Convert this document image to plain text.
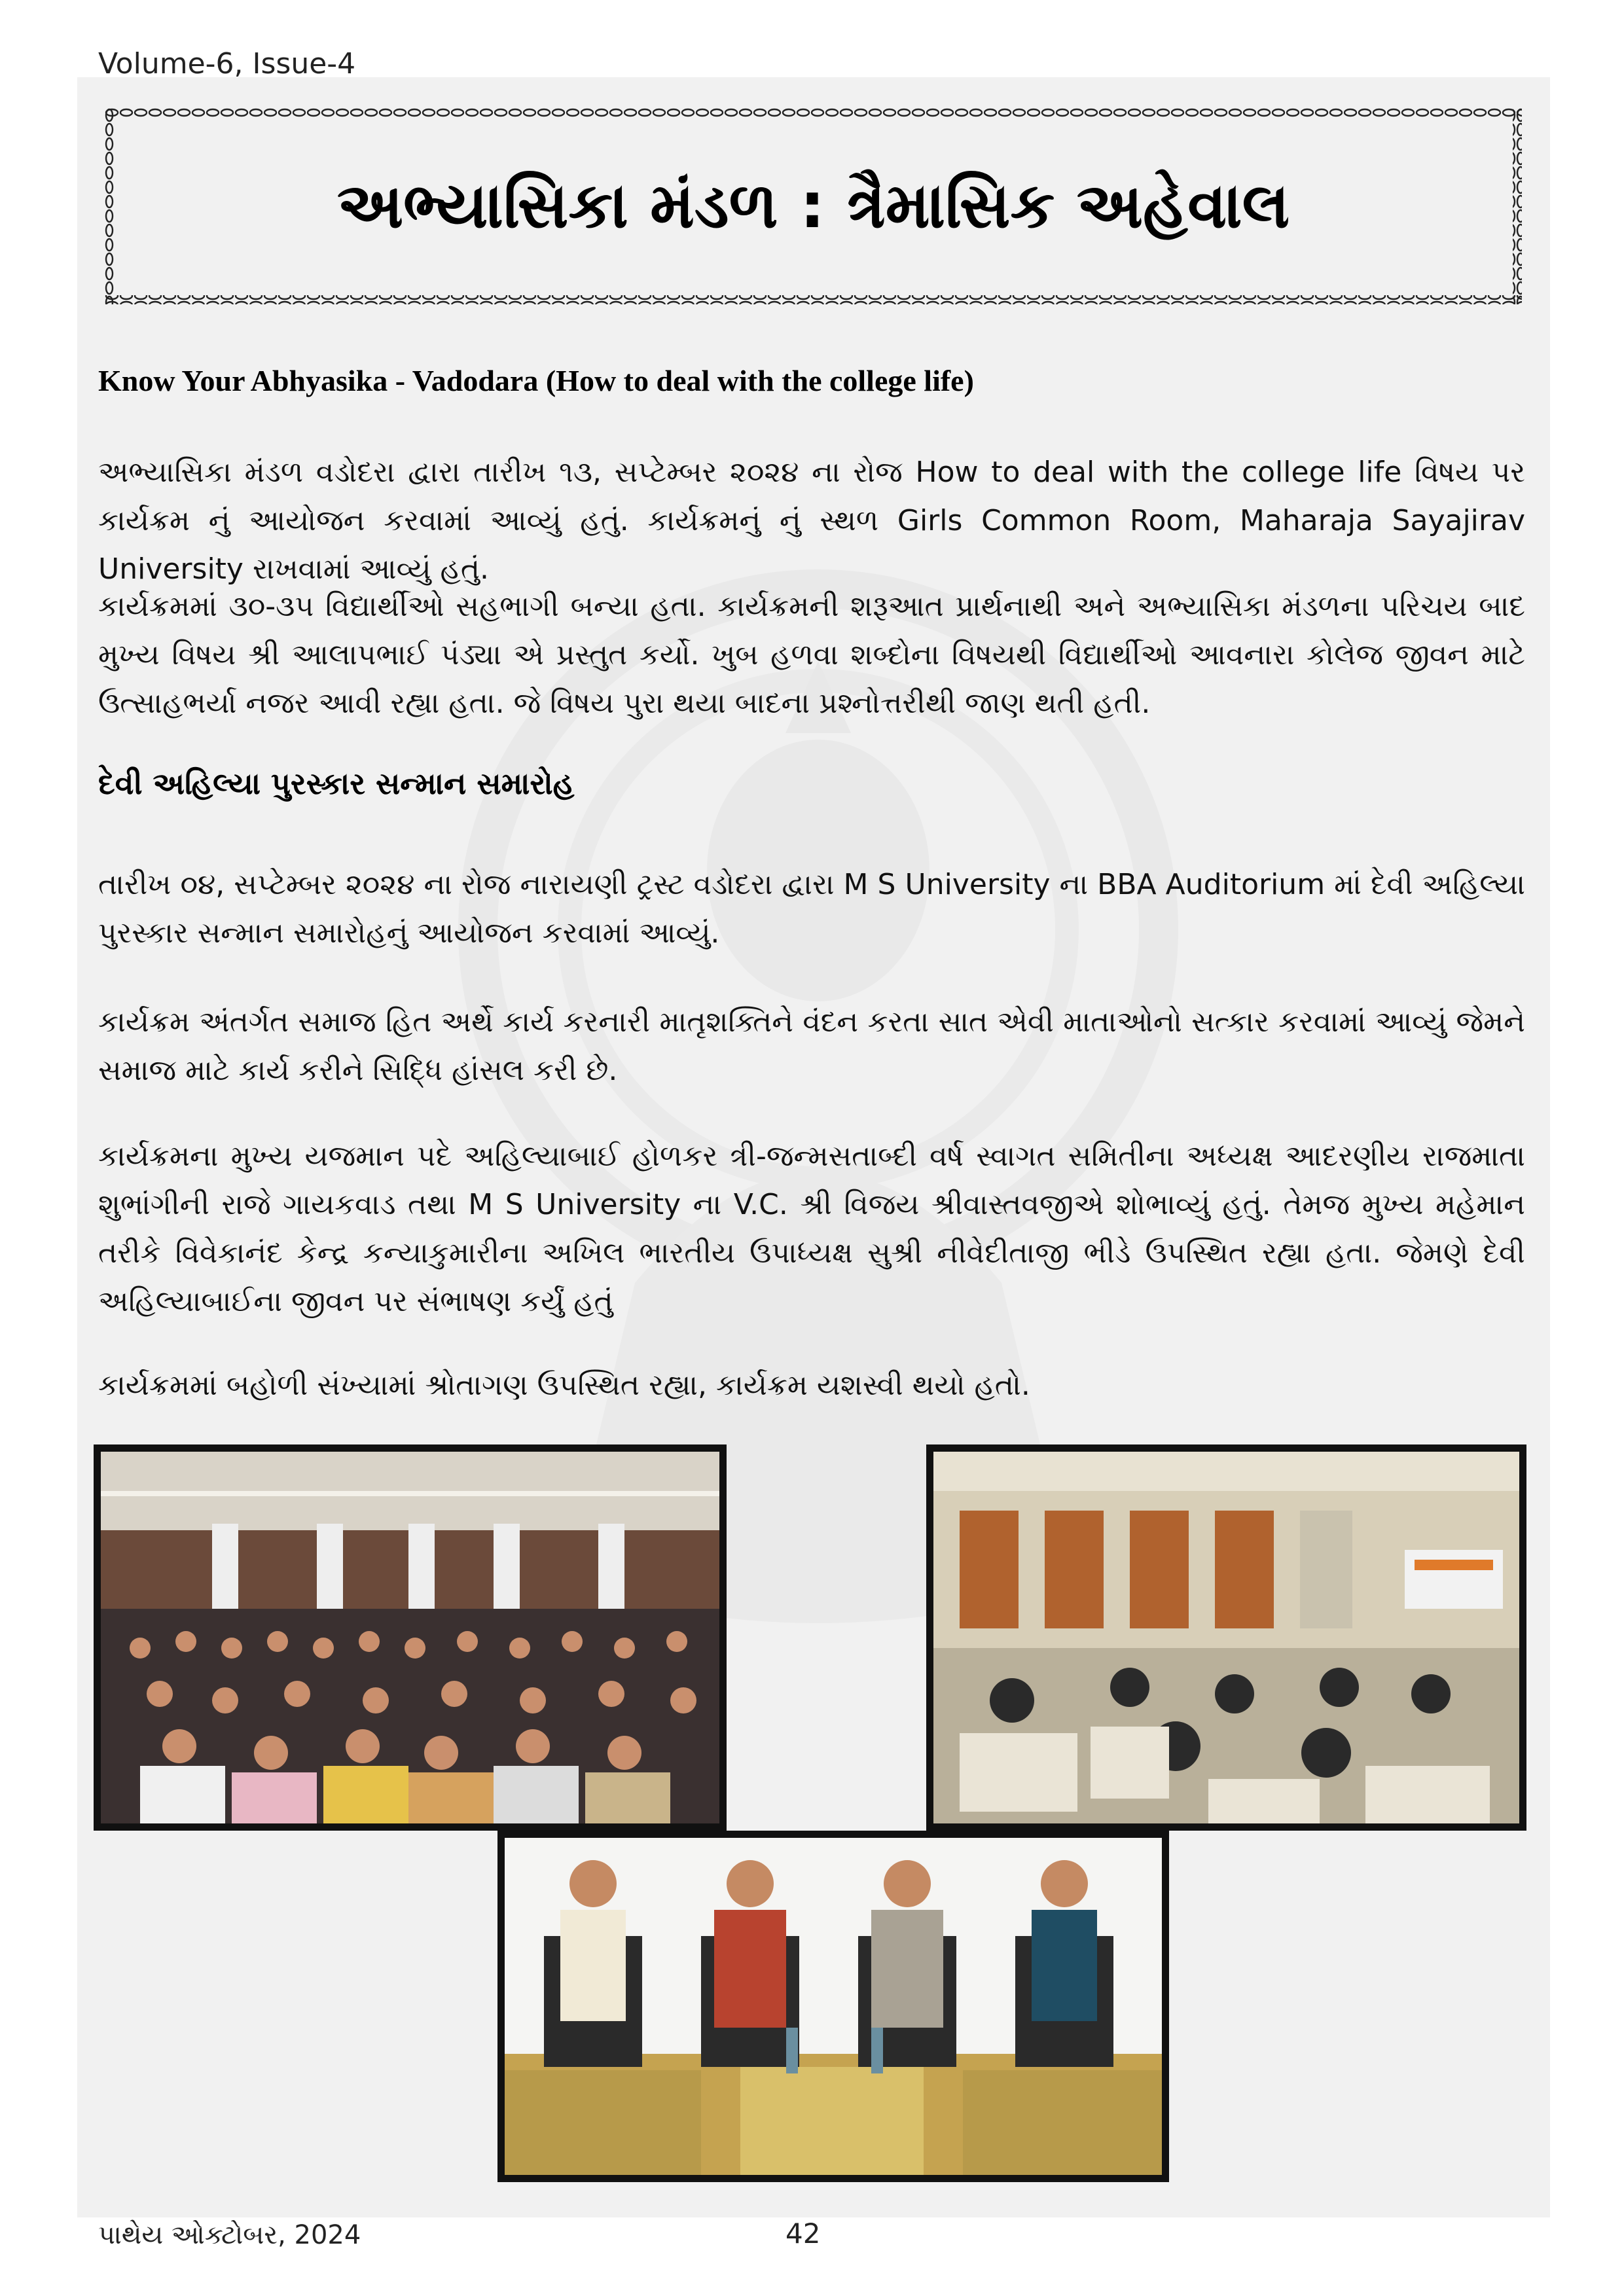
Volume-6, Issue-4
અભ્યાસિકા મંડળ : ત્રૈમાસિક અહેવાલ
Know Your Abhyasika - Vadodara (How to deal with the college life)
અભ્યાસિકા મંડળ વડોદરા દ્વારા તારીખ ૧૩, સપ્ટેમ્બર ૨૦૨૪ ના રોજ How to deal with the college life વિષય પર કાર્યક્રમ નું આયોજન કરવામાં આવ્યું હતું. કાર્યક્રમનું નું સ્થળ Girls Common Room, Maharaja Sayajirav University રાખવામાં આવ્યું હતું.
કાર્યક્રમમાં ૩૦-૩૫ વિદ્યાર્થીઓ સહભાગી બન્યા હતા. કાર્યક્રમની શરૂઆત પ્રાર્થનાથી અને અભ્યાસિકા મંડળના પરિચય બાદ મુખ્ય વિષય શ્રી આલાપભાઈ પંડ્યા એ પ્રસ્તુત કર્યો. ખુબ હળવા શબ્દોના વિષયથી વિદ્યાર્થીઓ આવનારા કોલેજ જીવન માટે ઉત્સાહભર્યા નજર આવી રહ્યા હતા. જે વિષય પુરા થયા બાદના પ્રશ્નોત્તરીથી જાણ થતી હતી.
દેવી અહિલ્યા પુરસ્કાર સન્માન સમારોહ
તારીખ ૦૪, સપ્ટેમ્બર ૨૦૨૪ ના રોજ નારાયણી ટ્રસ્ટ વડોદરા દ્વારા M S University ના BBA Auditorium માં દેવી અહિલ્યા પુરસ્કાર સન્માન સમારોહનું આયોજન કરવામાં આવ્યું.
કાર્યક્રમ અંતર્ગત સમાજ હિત અર્થે કાર્ય કરનારી માતૃશક્તિને વંદન કરતા સાત એવી માતાઓનો સત્કાર કરવામાં આવ્યું જેમને સમાજ માટે કાર્ય કરીને સિદ્ધિ હાંસલ કરી છે.
કાર્યક્રમના મુખ્ય યજમાન પદે અહિલ્યાબાઈ હોળકર ત્રી-જન્મસતાબ્દી વર્ષ સ્વાગત સમિતીના અધ્યક્ષ આદરણીય રાજમાતા શુભાંગીની રાજે ગાયકવાડ તથા M S University ના V.C. શ્રી વિજય શ્રીવાસ્તવજીએ શોભાવ્યું હતું. તેમજ મુખ્ય મહેમાન તરીકે વિવેકાનંદ કેન્દ્ર કન્યાકુમારીના અખિલ ભારતીય ઉપાધ્યક્ષ સુશ્રી નીવેદીતાજી ભીડે ઉપસ્થિત રહ્યા હતા. જેમણે દેવી અહિલ્યાબાઈના જીવન પર સંભાષણ કર્યું હતું
કાર્યક્રમમાં બહોળી સંખ્યામાં શ્રોતાગણ ઉપસ્થિત રહ્યા, કાર્યક્રમ યશસ્વી થયો હતો.
પાથેય ઓક્ટોબર, 2024	42
